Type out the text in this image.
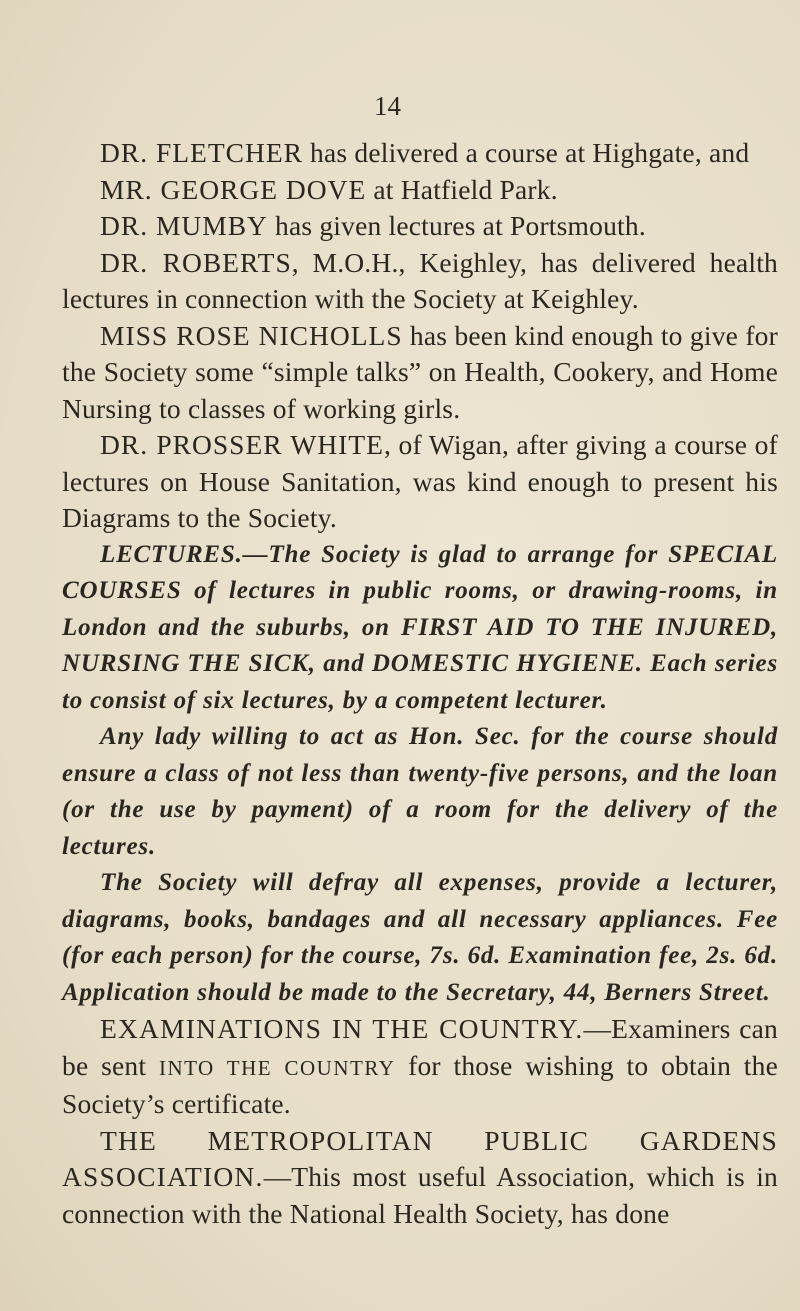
14

DR. FLETCHER has delivered a course at Highgate, and

MR. GEORGE DOVE at Hatfield Park.

DR. MUMBY has given lectures at Portsmouth.

DR. ROBERTS, M.O.H., Keighley, has delivered health lectures in connection with the Society at Keighley.

MISS ROSE NICHOLLS has been kind enough to give for the Society some “simple talks” on Health, Cookery, and Home Nursing to classes of working girls.

DR. PROSSER WHITE, of Wigan, after giving a course of lectures on House Sanitation, was kind enough to present his Diagrams to the Society.

LECTURES.—The Society is glad to arrange for SPECIAL COURSES of lectures in public rooms, or drawing-rooms, in London and the suburbs, on FIRST AID TO THE INJURED, NURSING THE SICK, and DOMESTIC HYGIENE. Each series to consist of six lectures, by a competent lecturer.

Any lady willing to act as Hon. Sec. for the course should ensure a class of not less than twenty-five persons, and the loan (or the use by payment) of a room for the delivery of the lectures.

The Society will defray all expenses, provide a lecturer, diagrams, books, bandages and all necessary appliances. Fee (for each person) for the course, 7s. 6d. Examination fee, 2s. 6d. Application should be made to the Secretary, 44, Berners Street.

EXAMINATIONS IN THE COUNTRY.—Examiners can be sent INTO THE COUNTRY for those wishing to obtain the Society’s certificate.

THE METROPOLITAN PUBLIC GARDENS ASSOCIATION.—This most useful Association, which is in connection with the National Health Society, has done
